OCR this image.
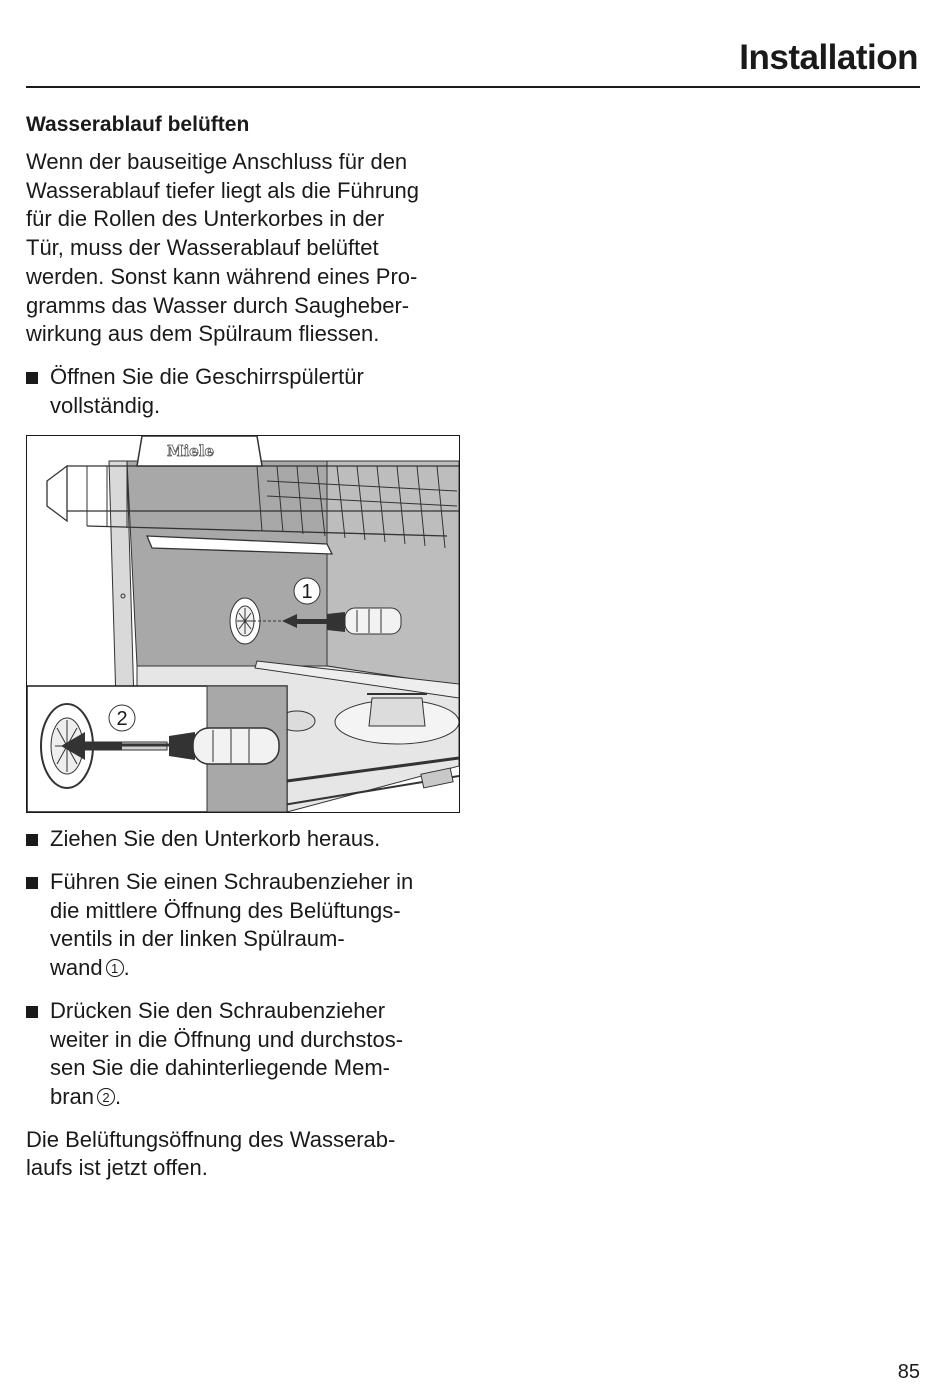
Installation
Wasserablauf belüften

Wenn der bauseitige Anschluss für den
Wasserablauf tiefer liegt als die Führung
für die Rollen des Unterkorbes in der
Tür, muss der Wasserablauf belüftet
werden. Sonst kann während eines Pro-
gramms das Wasser durch Saugheber-
wirkung aus dem Spülraum fliessen.

Öffnen Sie die Geschirrspülertür
vollständig.
Miele
1
2
Ziehen Sie den Unterkorb heraus.
Führen Sie einen Schraubenzieher in
die mittlere Öffnung des Belüftungs-
ventils in der linken Spülraum-
wand 1 .
Drücken Sie den Schraubenzieher
weiter in die Öffnung und durchstos-
sen Sie die dahinterliegende Mem-
bran 2 .

Die Belüftungsöffnung des Wasserab-
laufs ist jetzt offen.

85
